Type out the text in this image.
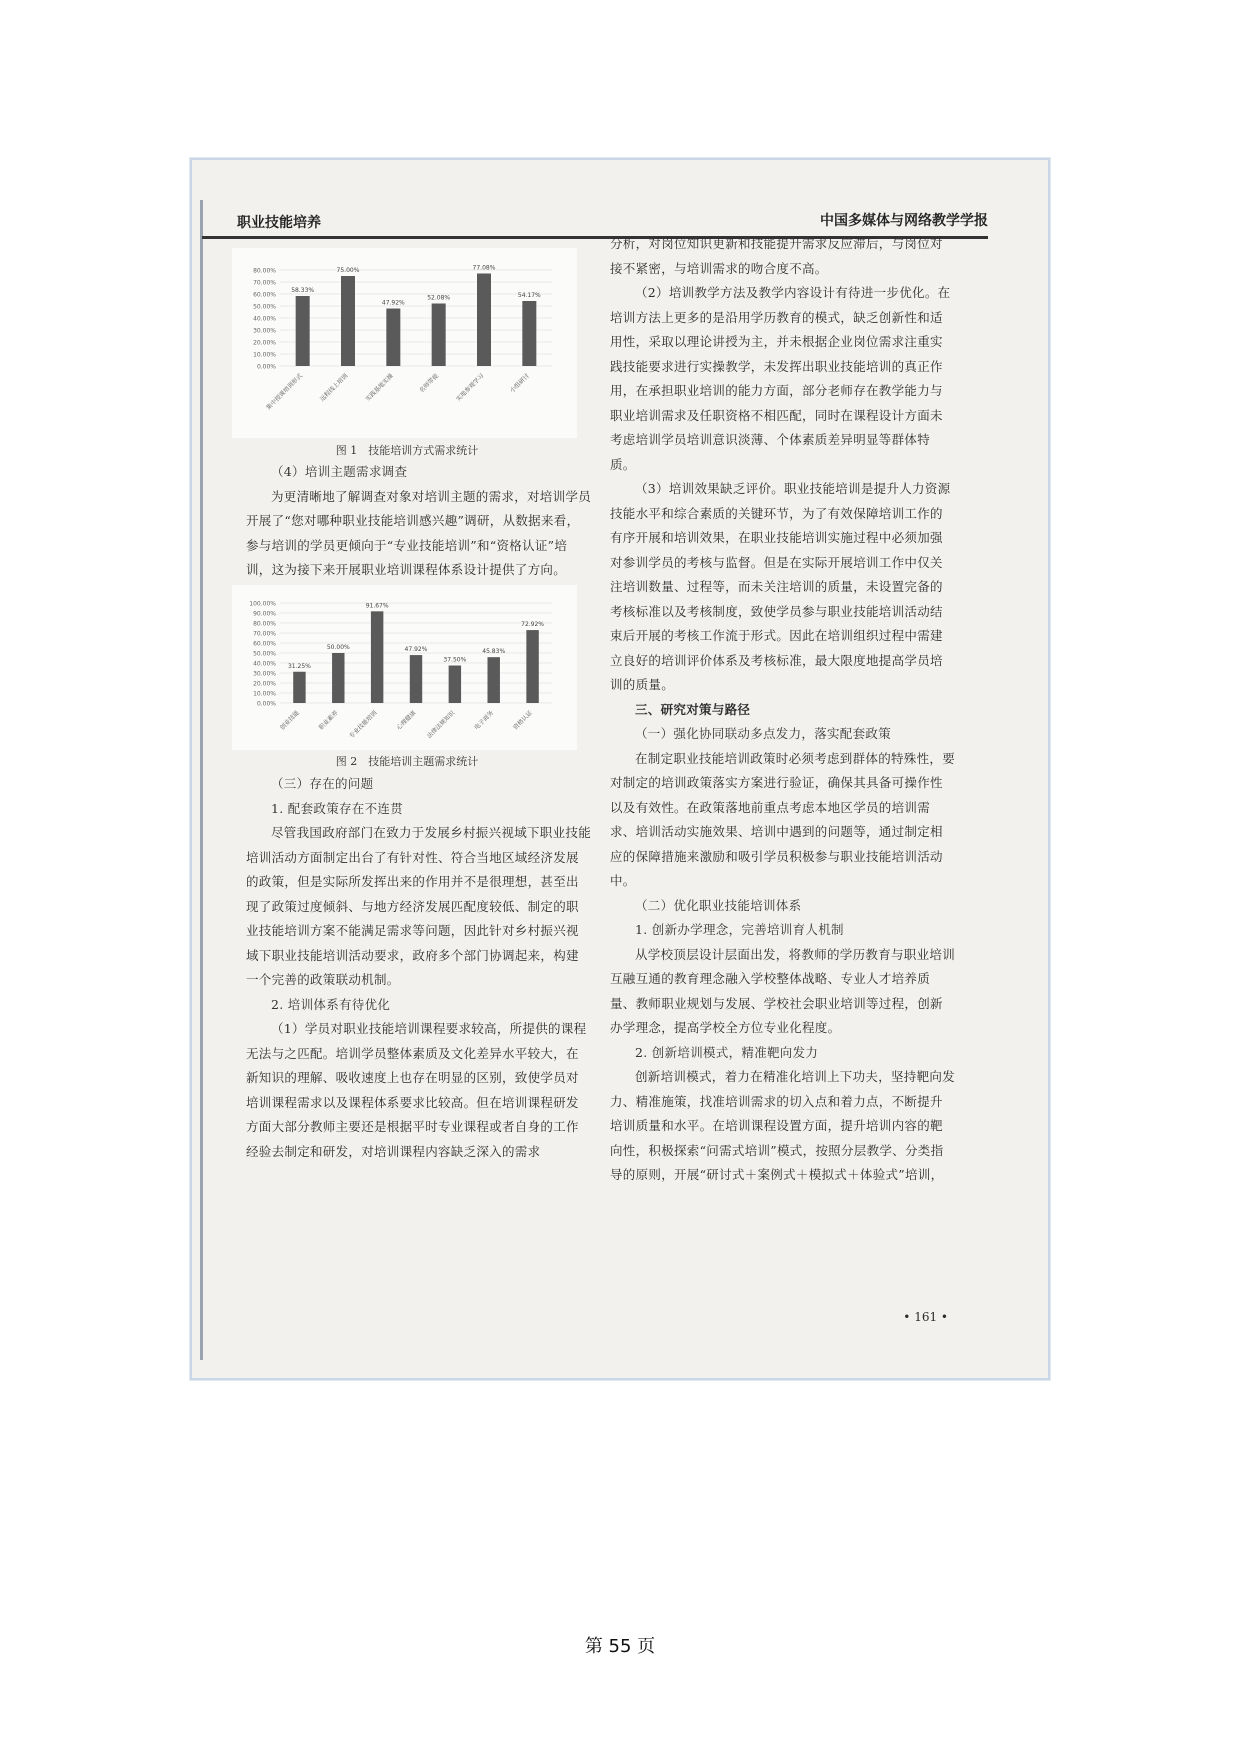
职业技能培养	中国多媒体与网络教学学报
80.00%
70.00%
60.00%
50.00%
40.00%
30.00%
20.00%
10.00%
0.00%
58.33%
集中授课培训形式
75.00%
远程线上培训
47.92%
实践基地实操
52.08%
名师带徒
77.08%
实地参观学习
54.17%
小组研讨
图 1　技能培训方式需求统计

（4）培训主题需求调查

为更清晰地了解调查对象对培训主题的需求，对培训学员开展了“您对哪种职业技能培训感兴趣”调研，从数据来看，参与培训的学员更倾向于“专业技能培训”和“资格认证”培训，这为接下来开展职业培训课程体系设计提供了方向。

100.00%
90.00%
80.00%
70.00%
60.00%
50.00%
40.00%
30.00%
20.00%
10.00%
0.00%
31.25%
创业技能
50.00%
职业素养
91.67%
专业技能培训
47.92%
心理健康
37.50%
法律法规知识
45.83%
电子商务
72.92%
资格认证
图 2　技能培训主题需求统计

（三）存在的问题

1. 配套政策存在不连贯

尽管我国政府部门在致力于发展乡村振兴视域下职业技能培训活动方面制定出台了有针对性、符合当地区域经济发展的政策，但是实际所发挥出来的作用并不是很理想，甚至出现了政策过度倾斜、与地方经济发展匹配度较低、制定的职业技能培训方案不能满足需求等问题，因此针对乡村振兴视域下职业技能培训活动要求，政府多个部门协调起来，构建一个完善的政策联动机制。

2. 培训体系有待优化

（1）学员对职业技能培训课程要求较高，所提供的课程无法与之匹配。培训学员整体素质及文化差异水平较大，在新知识的理解、吸收速度上也存在明显的区别，致使学员对培训课程需求以及课程体系要求比较高。但在培训课程研发方面大部分教师主要还是根据平时专业课程或者自身的工作经验去制定和研发，对培训课程内容缺乏深入的需求

分析，对岗位知识更新和技能提升需求反应滞后，与岗位对接不紧密，与培训需求的吻合度不高。

（2）培训教学方法及教学内容设计有待进一步优化。在培训方法上更多的是沿用学历教育的模式，缺乏创新性和适用性，采取以理论讲授为主，并未根据企业岗位需求注重实践技能要求进行实操教学，未发挥出职业技能培训的真正作用，在承担职业培训的能力方面，部分老师存在教学能力与职业培训需求及任职资格不相匹配，同时在课程设计方面未考虑培训学员培训意识淡薄、个体素质差异明显等群体特质。

（3）培训效果缺乏评价。职业技能培训是提升人力资源技能水平和综合素质的关键环节，为了有效保障培训工作的有序开展和培训效果，在职业技能培训实施过程中必须加强对参训学员的考核与监督。但是在实际开展培训工作中仅关注培训数量、过程等，而未关注培训的质量，未设置完备的考核标准以及考核制度，致使学员参与职业技能培训活动结束后开展的考核工作流于形式。因此在培训组织过程中需建立良好的培训评价体系及考核标准，最大限度地提高学员培训的质量。

三、研究对策与路径

（一）强化协同联动多点发力，落实配套政策

在制定职业技能培训政策时必须考虑到群体的特殊性，要对制定的培训政策落实方案进行验证，确保其具备可操作性以及有效性。在政策落地前重点考虑本地区学员的培训需求、培训活动实施效果、培训中遇到的问题等，通过制定相应的保障措施来激励和吸引学员积极参与职业技能培训活动中。

（二）优化职业技能培训体系

1. 创新办学理念，完善培训育人机制

从学校顶层设计层面出发，将教师的学历教育与职业培训互融互通的教育理念融入学校整体战略、专业人才培养质量、教师职业规划与发展、学校社会职业培训等过程，创新办学理念，提高学校全方位专业化程度。

2. 创新培训模式，精准靶向发力

创新培训模式，着力在精准化培训上下功夫，坚持靶向发力、精准施策，找准培训需求的切入点和着力点，不断提升培训质量和水平。在培训课程设置方面，提升培训内容的靶向性，积极探索“问需式培训”模式，按照分层教学、分类指导的原则，开展“研讨式＋案例式＋模拟式＋体验式”培训，

• 161 •
第 55 页
